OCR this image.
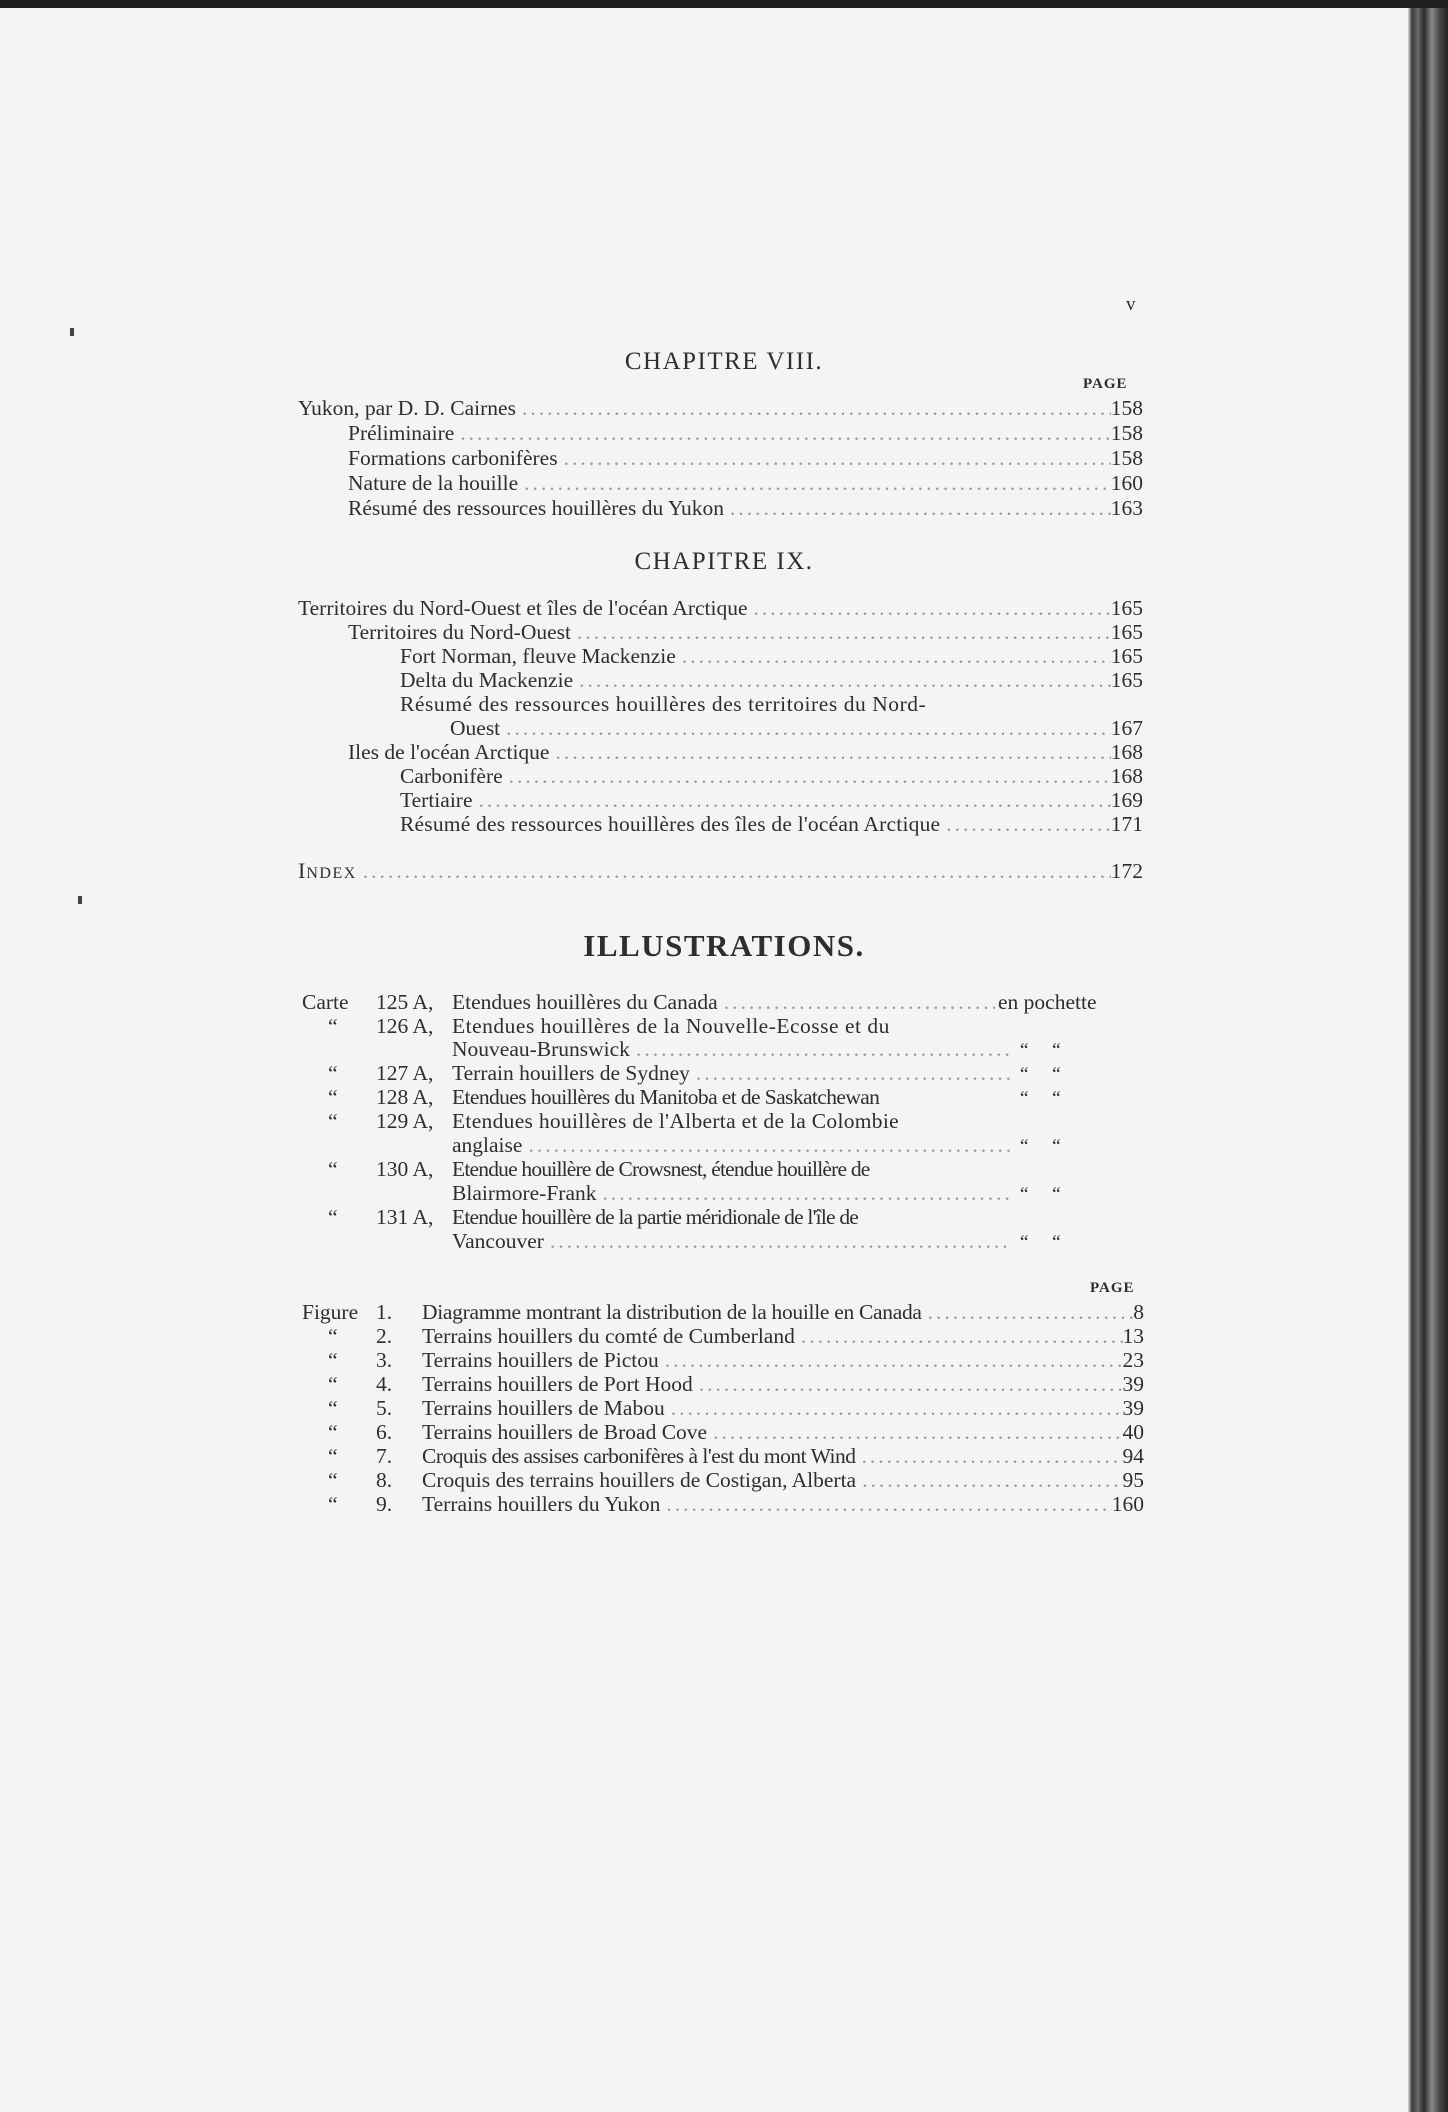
v
CHAPITRE VIII.
PAGE
Yukon, par D. D. Cairnes .....	158
Préliminaire .....	158
Formations carbonifères .....	158
Nature de la houille .....	160
Résumé des ressources houillères du Yukon .....	163
CHAPITRE IX.
Territoires du Nord-Ouest et îles de l'océan Arctique .....	165
Territoires du Nord-Ouest .....	165
Fort Norman, fleuve Mackenzie .....	165
Delta du Mackenzie .....	165
Résumé des ressources houillères des territoires du Nord-
Ouest .....	167
Iles de l'océan Arctique .....	168
Carbonifère .....	168
Tertiaire .....	169
Résumé des ressources houillères des îles de l'océan Arctique .....	171
INDEX .....	172
ILLUSTRATIONS.
Carte 125 A, Etendues houillères du Canada .....	en pochette
“ 126 A, Etendues houillères de la Nouvelle-Ecosse et du
Nouveau-Brunswick .....	“     “
“ 127 A, Terrain houillers de Sydney .....	“     “
“ 128 A, Etendues houillères du Manitoba et de Saskatchewan	“     “
“ 129 A, Etendues houillères de l'Alberta et de la Colombie
anglaise .....	“     “
“ 130 A, Etendue houillère de Crowsnest, étendue houillère de
Blairmore-Frank .....	“     “
“ 131 A, Etendue houillère de la partie méridionale de l'île de
Vancouver .....	“     “
PAGE
Figure 1. Diagramme montrant la distribution de la houille en Canada .....	8
“ 2. Terrains houillers du comté de Cumberland .....	13
“ 3. Terrains houillers de Pictou .....	23
“ 4. Terrains houillers de Port Hood .....	39
“ 5. Terrains houillers de Mabou .....	39
“ 6. Terrains houillers de Broad Cove .....	40
“ 7. Croquis des assises carbonifères à l'est du mont Wind .....	94
“ 8. Croquis des terrains houillers de Costigan, Alberta .....	95
“ 9. Terrains houillers du Yukon .....	160
